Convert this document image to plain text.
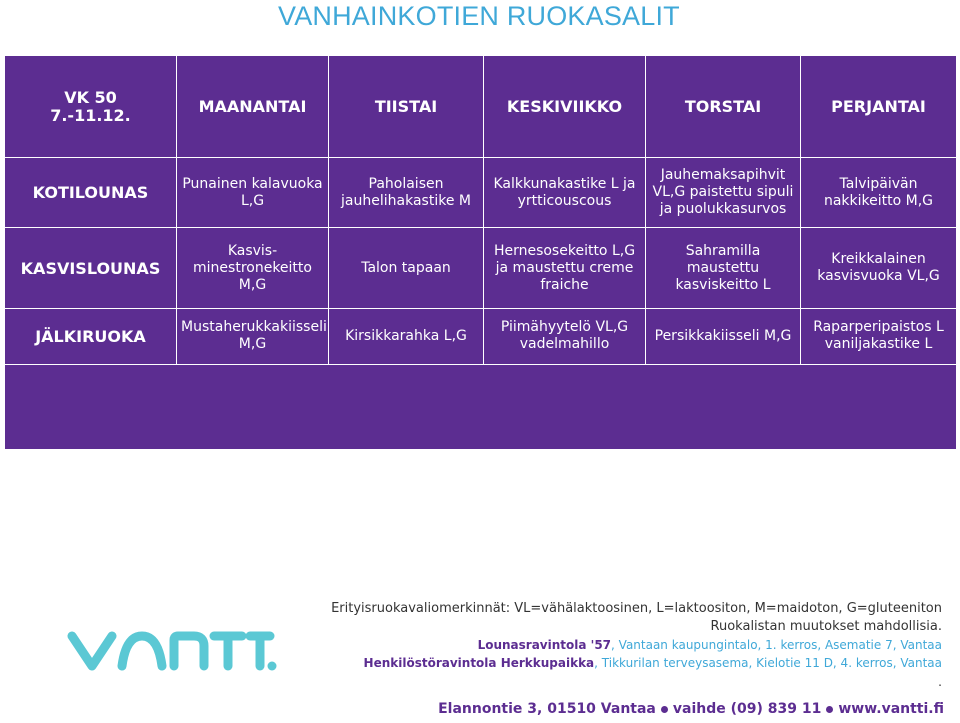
VANHAINKOTIEN RUOKASALIT
VK 50
7.-11.12.	MAANANTAI	TIISTAI	KESKIVIIKKO	TORSTAI	PERJANTAI
KOTILOUNAS	Punainen kalavuoka L,G	Paholaisen jauhelihakastike M	Kalkkunakastike L ja yrtticouscous	Jauhemaksapihvit VL,G paistettu sipuli ja puolukkasurvos	Talvipäivän nakkikeitto M,G
KASVISLOUNAS	Kasvis-minestronekeitto M,G	Talon tapaan	Hernesosekeitto L,G ja maustettu creme fraiche	Sahramilla maustettu kasviskeitto L	Kreikkalainen kasvisvuoka VL,G
JÄLKIRUOKA	Mustaherukkakiisseli M,G	Kirsikkarahka L,G	Piimähyytelö VL,G vadelmahillo	Persikkakiisseli M,G	Raparperipaistos L vaniljakastike L

Erityisruokavaliomerkinnät: VL=vähälaktoosinen, L=laktoositon, M=maidoton, G=gluteeniton
Ruokalistan muutokset mahdollisia.
Lounasravintola '57, Vantaan kaupungintalo, 1. kerros, Asematie 7, Vantaa
Henkilöstöravintola Herkkupaikka, Tikkurilan terveysasema, Kielotie 11 D, 4. kerros, Vantaa
.
Elannontie 3, 01510 Vantaa vaihde (09) 839 11 www.vantti.fi
